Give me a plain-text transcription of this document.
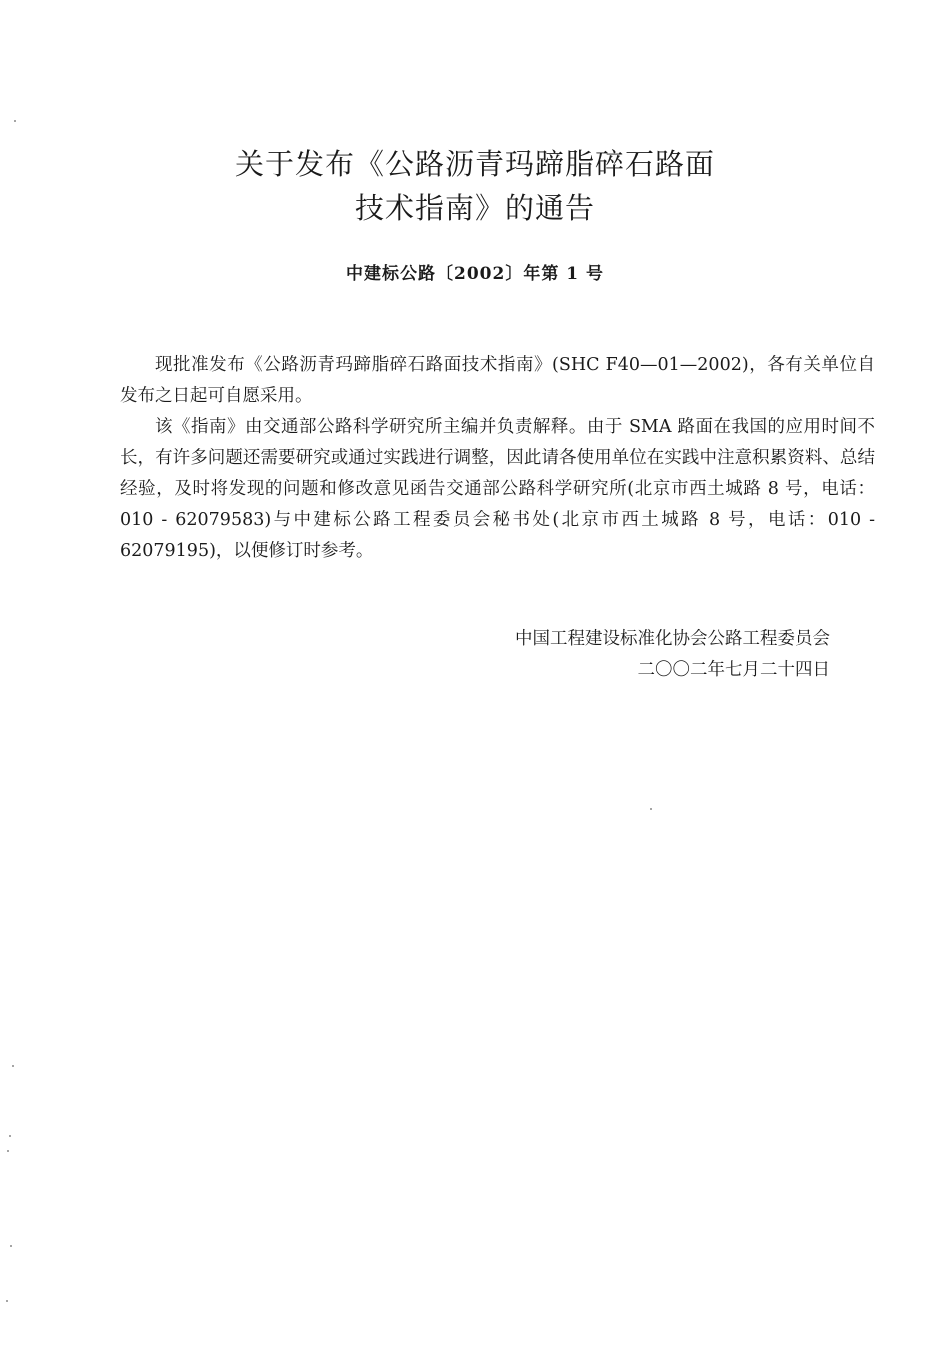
关于发布《公路沥青玛蹄脂碎石路面
技术指南》的通告
中建标公路〔2002〕年第 1 号

现批准发布《公路沥青玛蹄脂碎石路面技术指南》(SHC F40—01—2002)，各有关单位自发布之日起可自愿采用。

该《指南》由交通部公路科学研究所主编并负责解释。由于 SMA 路面在我国的应用时间不长，有许多问题还需要研究或通过实践进行调整，因此请各使用单位在实践中注意积累资料、总结经验，及时将发现的问题和修改意见函告交通部公路科学研究所(北京市西土城路 8 号，电话：010 - 62079583)与中建标公路工程委员会秘书处(北京市西土城路 8 号，电话：010 - 62079195)，以便修订时参考。

中国工程建设标准化协会公路工程委员会
二〇〇二年七月二十四日
